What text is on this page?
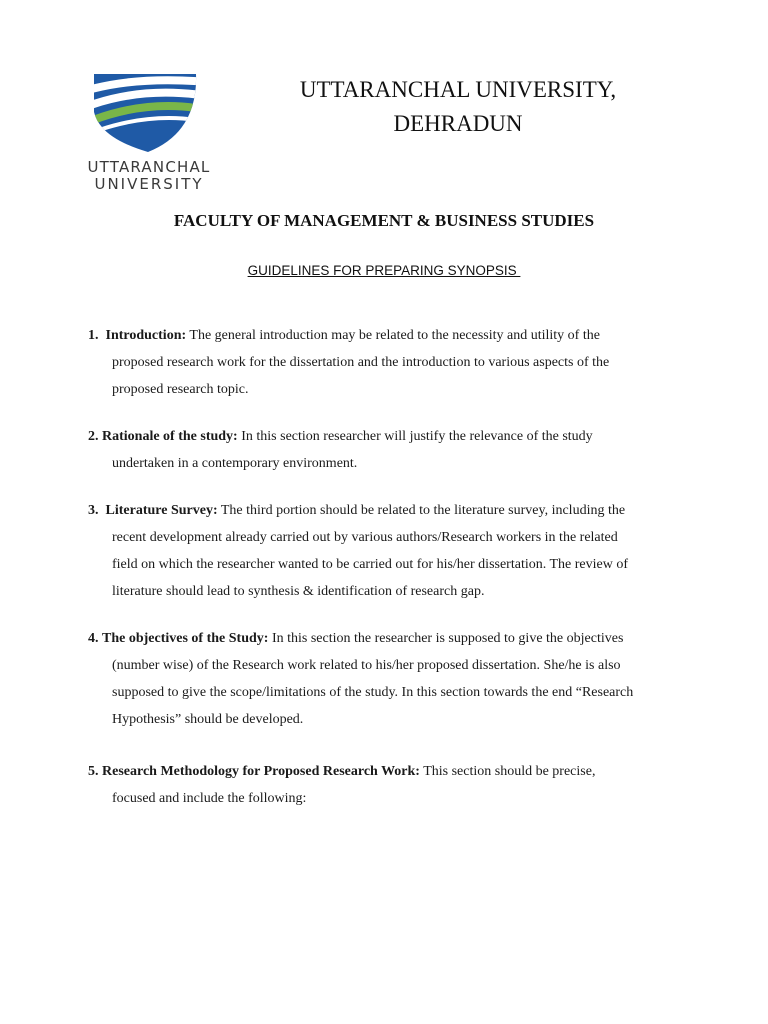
UTTARANCHAL
UNIVERSITY
UTTARANCHAL UNIVERSITY,
DEHRADUN
FACULTY OF MANAGEMENT & BUSINESS STUDIES
GUIDELINES FOR PREPARING SYNOPSIS
1. Introduction: The general introduction may be related to the necessity and utility of the
proposed research work for the dissertation and the introduction to various aspects of the
proposed research topic.
2. Rationale of the study: In this section researcher will justify the relevance of the study
undertaken in a contemporary environment.
3. Literature Survey: The third portion should be related to the literature survey, including the
recent development already carried out by various authors/Research workers in the related
field on which the researcher wanted to be carried out for his/her dissertation. The review of
literature should lead to synthesis & identification of research gap.
4. The objectives of the Study: In this section the researcher is supposed to give the objectives
(number wise) of the Research work related to his/her proposed dissertation. She/he is also
supposed to give the scope/limitations of the study. In this section towards the end “Research
Hypothesis” should be developed.
5. Research Methodology for Proposed Research Work: This section should be precise,
focused and include the following:
